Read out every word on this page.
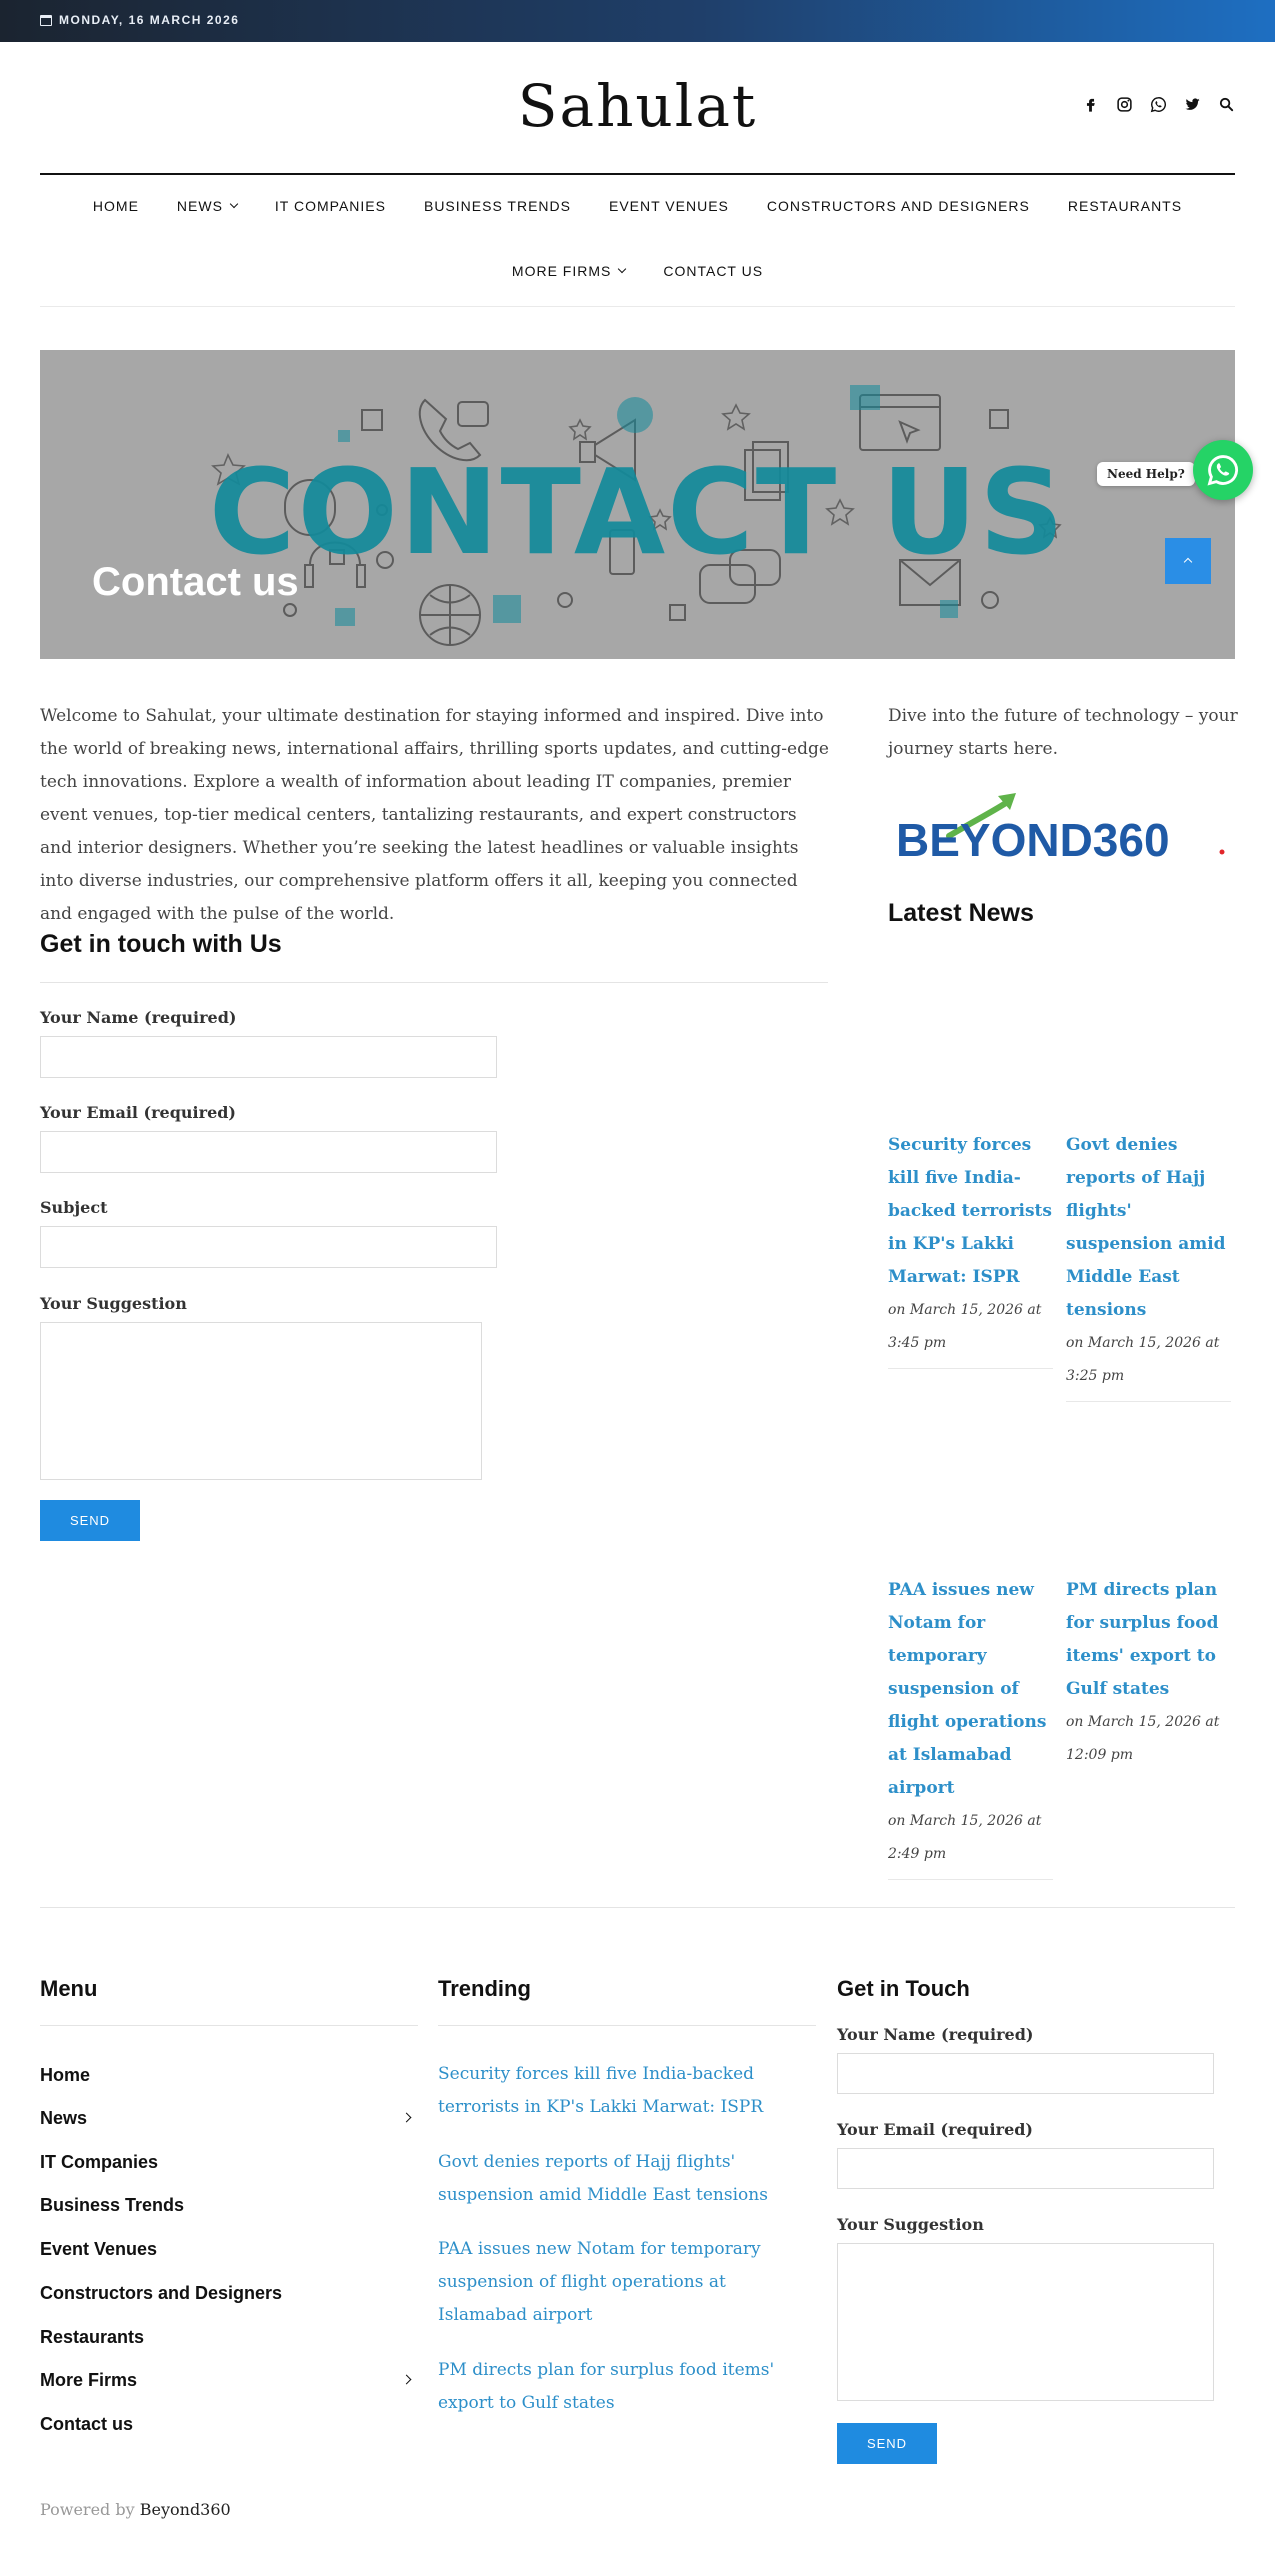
MONDAY, 16 MARCH 2026
Sahulat
HOME	NEWS	IT COMPANIES	BUSINESS TRENDS	EVENT VENUES	CONSTRUCTORS AND DESIGNERS	RESTAURANTS
MORE FIRMS	CONTACT US
CONTACT US
Contact us
Need Help?
Welcome to Sahulat, your ultimate destination for staying informed and inspired. Dive into the world of breaking news, international affairs, thrilling sports updates, and cutting-edge tech innovations. Explore a wealth of information about leading IT companies, premier event venues, top-tier medical centers, tantalizing restaurants, and expert constructors and interior designers. Whether you’re seeking the latest headlines or valuable insights into diverse industries, our comprehensive platform offers it all, keeping you connected and engaged with the pulse of the world.
Get in touch with Us
Your Name (required)
Your Email (required)
Subject
Your Suggestion
SEND
Dive into the future of technology – your journey starts here.
BEYOND360
Latest News
Security forces kill five India-backed terrorists in KP's Lakki Marwat: ISPR
on March 15, 2026 at 3:45 pm
Govt denies reports of Hajj flights' suspension amid Middle East tensions
on March 15, 2026 at 3:25 pm
PAA issues new Notam for temporary suspension of flight operations at Islamabad airport
on March 15, 2026 at 2:49 pm
PM directs plan for surplus food items' export to Gulf states
on March 15, 2026 at 12:09 pm
Menu
Home
News
IT Companies
Business Trends
Event Venues
Constructors and Designers
Restaurants
More Firms
Contact us
Trending
Security forces kill five India-backed terrorists in KP's Lakki Marwat: ISPR
Govt denies reports of Hajj flights' suspension amid Middle East tensions
PAA issues new Notam for temporary suspension of flight operations at Islamabad airport
PM directs plan for surplus food items' export to Gulf states
Get in Touch
Your Name (required)
Your Email (required)
Your Suggestion
SEND
Powered by Beyond360
